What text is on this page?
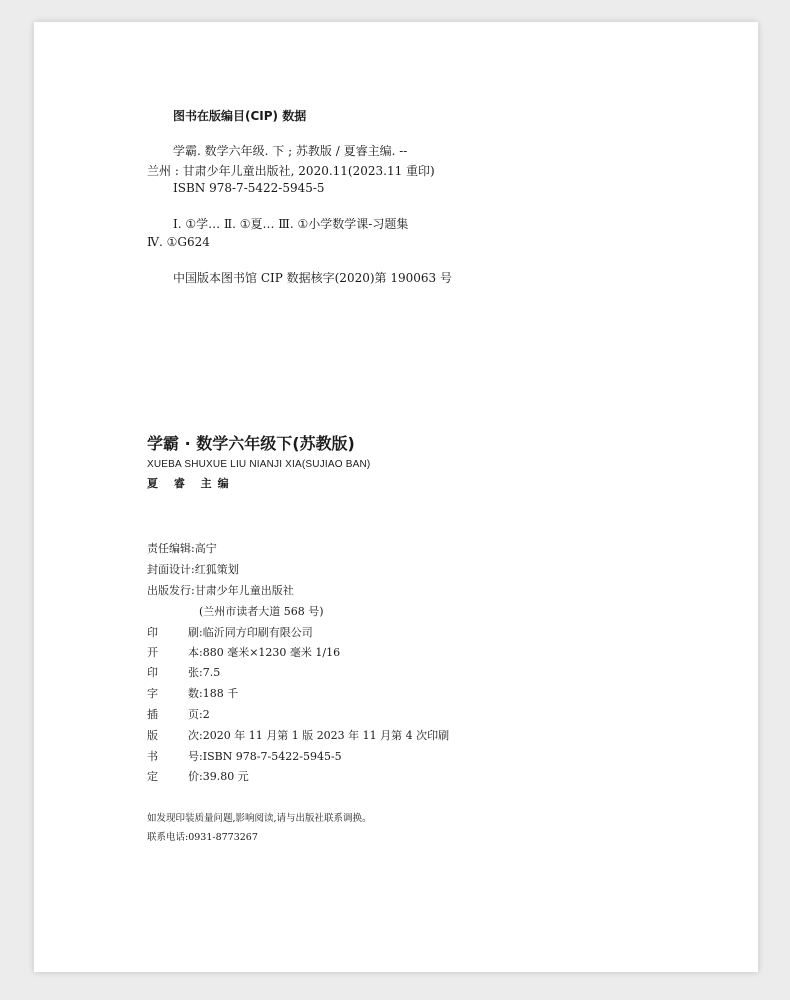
图书在版编目(CIP) 数据
学霸. 数学六年级. 下 ; 苏教版 / 夏睿主编. --
兰州 : 甘肃少年儿童出版社, 2020.11(2023.11 重印)
ISBN 978-7-5422-5945-5
Ⅰ. ①学… Ⅱ. ①夏… Ⅲ. ①小学数学课-习题集
Ⅳ. ①G624
中国版本图书馆 CIP 数据核字(2020)第 190063 号
学霸 · 数学六年级下(苏教版)
XUEBA SHUXUE LIU NIANJI XIA(SUJIAO BAN)
夏 睿 主编
责任编辑:高宁
封面设计:红狐策划
出版发行:甘肃少年儿童出版社
(兰州市读者大道 568 号)
印 刷:临沂同方印刷有限公司
开 本:880 毫米×1230 毫米 1/16
印 张:7.5
字 数:188 千
插 页:2
版 次:2020 年 11 月第 1 版 2023 年 11 月第 4 次印刷
书 号:ISBN 978-7-5422-5945-5
定 价:39.80 元
如发现印装质量问题,影响阅读,请与出版社联系调换。
联系电话:0931-8773267
